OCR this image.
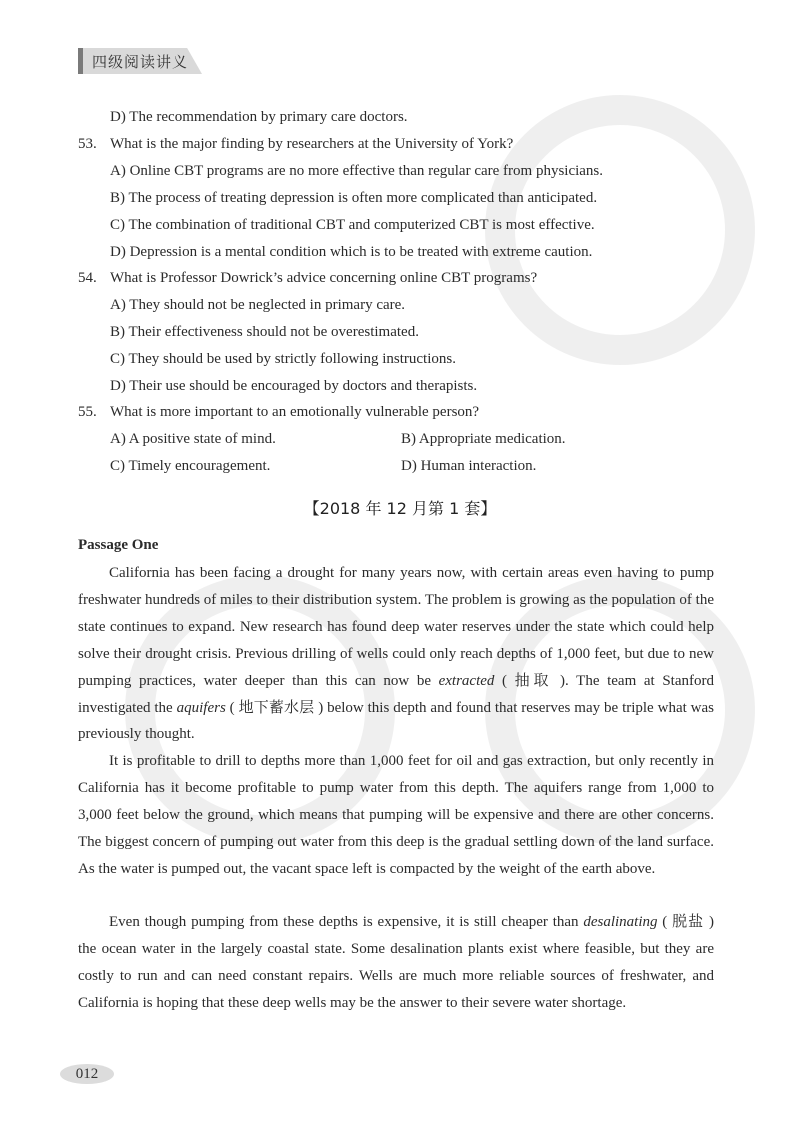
四级阅读讲义
D) The recommendation by primary care doctors.
53. What is the major finding by researchers at the University of York?
A) Online CBT programs are no more effective than regular care from physicians.
B) The process of treating depression is often more complicated than anticipated.
C) The combination of traditional CBT and computerized CBT is most effective.
D) Depression is a mental condition which is to be treated with extreme caution.
54. What is Professor Dowrick’s advice concerning online CBT programs?
A) They should not be neglected in primary care.
B) Their effectiveness should not be overestimated.
C) They should be used by strictly following instructions.
D) Their use should be encouraged by doctors and therapists.
55. What is more important to an emotionally vulnerable person?
A) A positive state of mind.	B) Appropriate medication.
C) Timely encouragement.	D) Human interaction.
【2018 年 12 月第 1 套】
Passage One
California has been facing a drought for many years now, with certain areas even having to pump freshwater hundreds of miles to their distribution system. The problem is growing as the population of the state continues to expand. New research has found deep water reserves under the state which could help solve their drought crisis. Previous drilling of wells could only reach depths of 1,000 feet, but due to new pumping practices, water deeper than this can now be extracted ( 抽取 ). The team at Stanford investigated the aquifers ( 地下蓄水层 ) below this depth and found that reserves may be triple what was previously thought.
It is profitable to drill to depths more than 1,000 feet for oil and gas extraction, but only recently in California has it become profitable to pump water from this depth. The aquifers range from 1,000 to 3,000 feet below the ground, which means that pumping will be expensive and there are other concerns. The biggest concern of pumping out water from this deep is the gradual settling down of the land surface. As the water is pumped out, the vacant space left is compacted by the weight of the earth above.
Even though pumping from these depths is expensive, it is still cheaper than desalinating ( 脱盐 ) the ocean water in the largely coastal state. Some desalination plants exist where feasible, but they are costly to run and can need constant repairs. Wells are much more reliable sources of freshwater, and California is hoping that these deep wells may be the answer to their severe water shortage.
012
